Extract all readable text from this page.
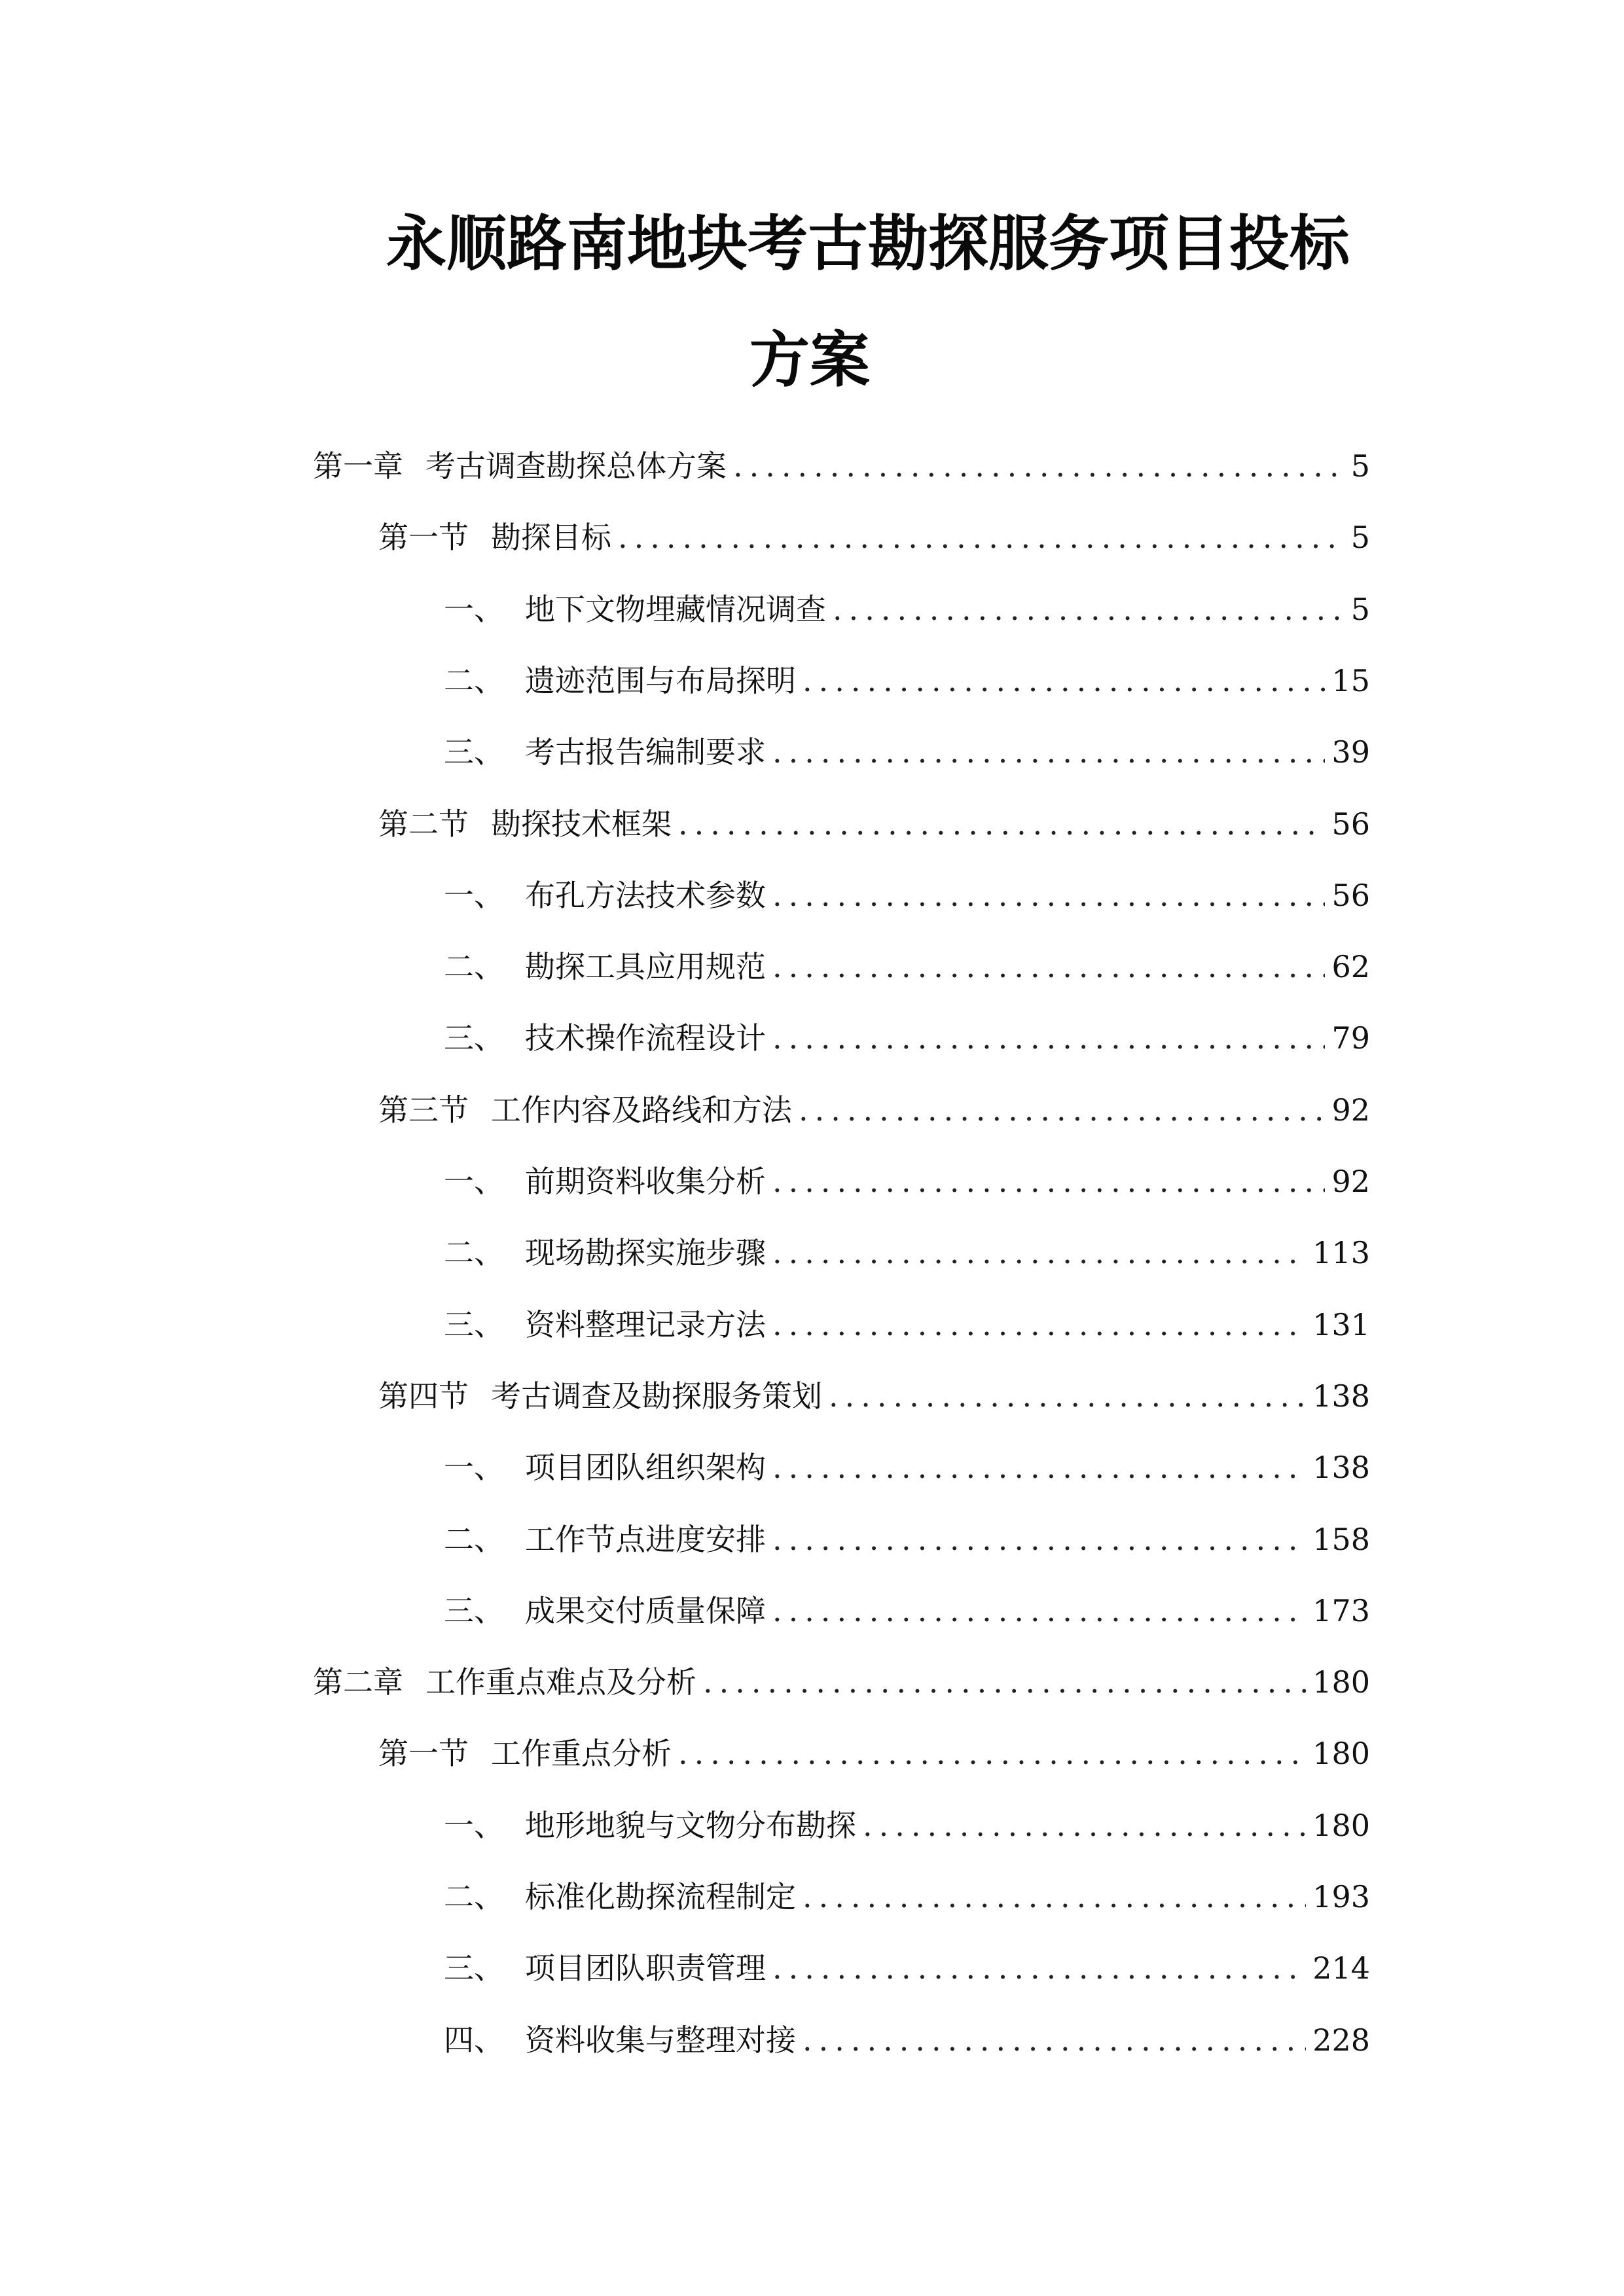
永顺路南地块考古勘探服务项目投标
方案
第一章 考古调查勘探总体方案 .....	5
第一节 勘探目标 .....	5
一、 地下文物埋藏情况调查 .....	5
二、 遗迹范围与布局探明 .....	15
三、 考古报告编制要求 .....	39
第二节 勘探技术框架 .....	56
一、 布孔方法技术参数 .....	56
二、 勘探工具应用规范 .....	62
三、 技术操作流程设计 .....	79
第三节 工作内容及路线和方法 .....	92
一、 前期资料收集分析 .....	92
二、 现场勘探实施步骤 .....	113
三、 资料整理记录方法 .....	131
第四节 考古调查及勘探服务策划 .....	138
一、 项目团队组织架构 .....	138
二、 工作节点进度安排 .....	158
三、 成果交付质量保障 .....	173
第二章 工作重点难点及分析 .....	180
第一节 工作重点分析 .....	180
一、 地形地貌与文物分布勘探 .....	180
二、 标准化勘探流程制定 .....	193
三、 项目团队职责管理 .....	214
四、 资料收集与整理对接 .....	228
